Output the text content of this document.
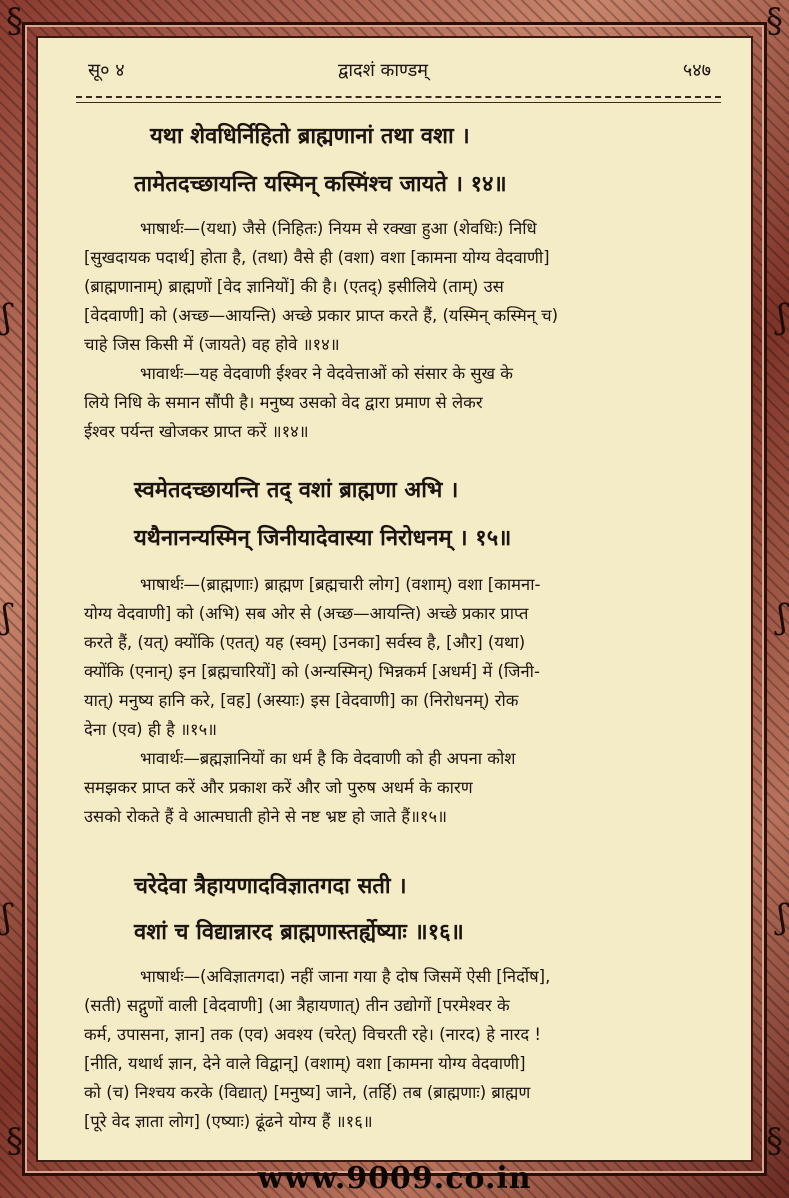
§	§
§	§
ʃ
ʃ
ʃ
ʃ
ʃ
ʃ
सू० ४	द्वादशं काण्डम्	५४७
यथा शेवधिर्निहितो ब्राह्मणानां तथा वशा ।
तामेतदच्छायन्ति यस्मिन् कस्मिंश्च जायते । १४॥
भाषार्थः—(यथा) जैसे (निहितः) नियम से रक्खा हुआ (शेवधिः) निधि
[सुखदायक पदार्थ] होता है, (तथा) वैसे ही (वशा) वशा [कामना योग्य वेदवाणी]
(ब्राह्मणानाम्) ब्राह्मणों [वेद ज्ञानियों] की है। (एतद्) इसीलिये (ताम्) उस
[वेदवाणी] को (अच्छ—आयन्ति) अच्छे प्रकार प्राप्त करते हैं, (यस्मिन् कस्मिन् च)
चाहे जिस किसी में (जायते) वह होवे ॥१४॥
भावार्थः—यह वेदवाणी ईश्वर ने वेदवेत्ताओं को संसार के सुख के
लिये निधि के समान सौंपी है। मनुष्य उसको वेद द्वारा प्रमाण से लेकर
ईश्वर पर्यन्त खोजकर प्राप्त करें ॥१४॥
स्वमेतदच्छायन्ति तद् वशां ब्राह्मणा अभि ।
यथैनानन्यस्मिन् जिनीयादेवास्या निरोधनम् । १५॥
भाषार्थः—(ब्राह्मणाः) ब्राह्मण [ब्रह्मचारी लोग] (वशाम्) वशा [कामना-
योग्य वेदवाणी] को (अभि) सब ओर से (अच्छ—आयन्ति) अच्छे प्रकार प्राप्त
करते हैं, (यत्) क्योंकि (एतत्) यह (स्वम्) [उनका] सर्वस्व है, [और] (यथा)
क्योंकि (एनान्) इन [ब्रह्मचारियों] को (अन्यस्मिन्) भिन्नकर्म [अधर्म] में (जिनी-
यात्) मनुष्य हानि करे, [वह] (अस्याः) इस [वेदवाणी] का (निरोधनम्) रोक
देना (एव) ही है ॥१५॥
भावार्थः—ब्रह्मज्ञानियों का धर्म है कि वेदवाणी को ही अपना कोश
समझकर प्राप्त करें और प्रकाश करें और जो पुरुष अधर्म के कारण
उसको रोकते हैं वे आत्मघाती होने से नष्ट भ्रष्ट हो जाते हैं॥१५॥
चरेदेवा त्रैहायणादविज्ञातगदा सती ।
वशां च विद्यान्नारद ब्राह्मणास्तर्ह्येष्याः ॥१६॥
भाषार्थः—(अविज्ञातगदा) नहीं जाना गया है दोष जिसमें ऐसी [निर्दोष],
(सती) सद्गुणों वाली [वेदवाणी] (आ त्रैहायणात्) तीन उद्योगों [परमेश्वर के
कर्म, उपासना, ज्ञान] तक (एव) अवश्य (चरेत्) विचरती रहे। (नारद) हे नारद !
[नीति, यथार्थ ज्ञान, देने वाले विद्वान्] (वशाम्) वशा [कामना योग्य वेदवाणी]
को (च) निश्चय करके (विद्यात्) [मनुष्य] जाने, (तर्हि) तब (ब्राह्मणाः) ब्राह्मण
[पूरे वेद ज्ञाता लोग] (एष्याः) ढूंढने योग्य हैं ॥१६॥
www.9009.co.in
